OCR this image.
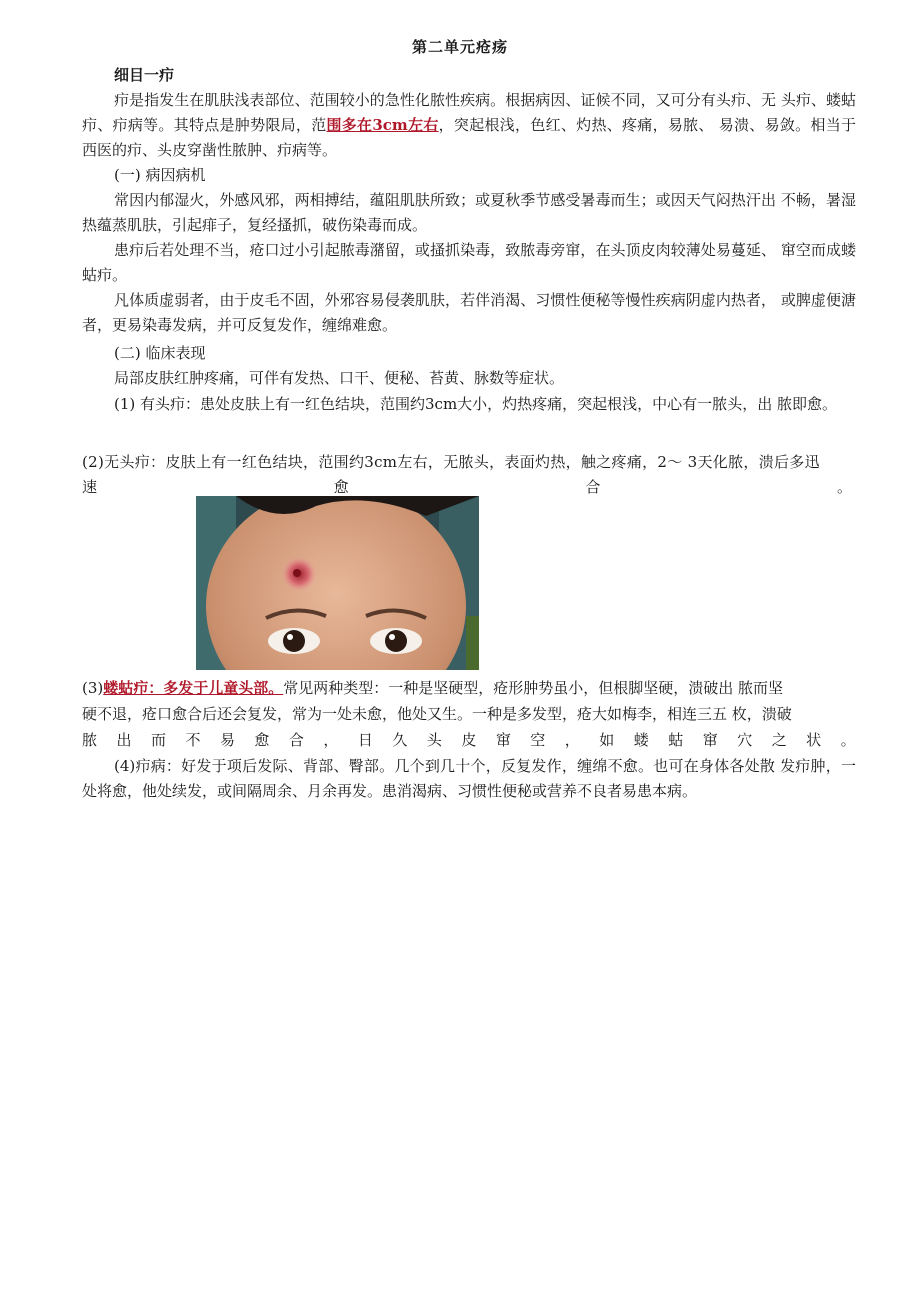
第二单元疮疡
细目一疖

疖是指发生在肌肤浅表部位、范围较小的急性化脓性疾病。根据病因、证候不同，又可分有头疖、无 头疖、蝼蛄疖、疖病等。其特点是肿势限局，范围多在3cm左右，突起根浅，色红、灼热、疼痛，易脓、 易溃、易敛。相当于西医的疖、头皮穿凿性脓肿、疖病等。

(一) 病因病机

常因内郁湿火，外感风邪，两相搏结，蕴阻肌肤所致；或夏秋季节感受暑毒而生；或因天气闷热汗出 不畅，暑湿热蕴蒸肌肤，引起痱子，复经搔抓，破伤染毒而成。

患疖后若处理不当，疮口过小引起脓毒潴留，或搔抓染毒，致脓毒旁窜，在头顶皮肉较薄处易蔓延、 窜空而成蝼蛄疖。

凡体质虚弱者，由于皮毛不固，外邪容易侵袭肌肤，若伴消渴、习惯性便秘等慢性疾病阴虚内热者， 或脾虚便溏者，更易染毒发病，并可反复发作，缠绵难愈。

(二) 临床表现

局部皮肤红肿疼痛，可伴有发热、口干、便秘、苔黄、脉数等症状。

(1) 有头疖：患处皮肤上有一红色结块，范围约3cm大小，灼热疼痛，突起根浅，中心有一脓头，出 脓即愈。

(2)无头疖：皮肤上有一红色结块，范围约3cm左右，无脓头，表面灼热，触之疼痛，2〜 3天化脓，溃后多迅

速	愈	合	。

(3)蝼蛄疖：多发于儿童头部。常见两种类型：一种是坚硬型，疮形肿势虽小，但根脚坚硬，溃破出 脓而坚

硬不退，疮口愈合后还会复发，常为一处未愈，他处又生。一种是多发型，疮大如梅李，相连三五 枚，溃破

脓 出 而 不 易 愈 合 ， 日 久 头 皮 窜 空 ， 如 蝼 蛄 窜 穴 之 状 。

(4)疖病：好发于项后发际、背部、臀部。几个到几十个，反复发作，缠绵不愈。也可在身体各处散 发疖肿，一处将愈，他处续发，或间隔周余、月余再发。患消渴病、习惯性便秘或营养不良者易患本病。
